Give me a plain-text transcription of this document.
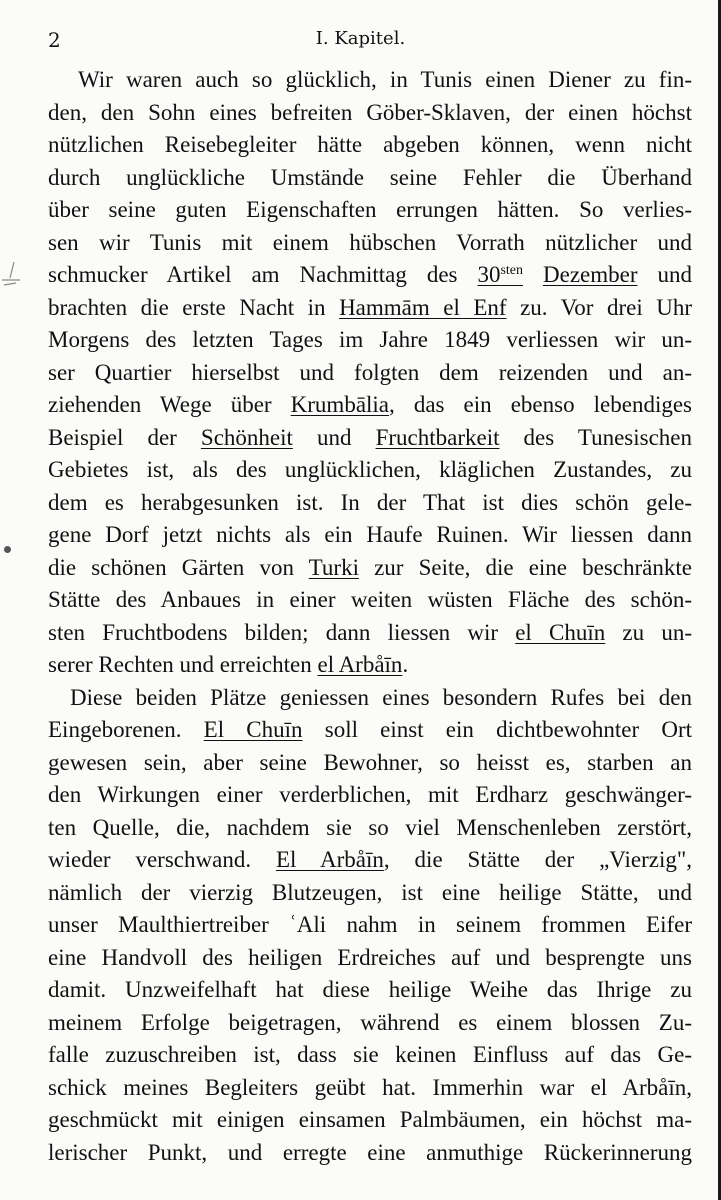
2	I. Kapitel.
Wir waren auch so glücklich, in Tunis einen Diener zu fin-
den, den Sohn eines befreiten Göber-Sklaven, der einen höchst
nützlichen Reisebegleiter hätte abgeben können, wenn nicht
durch unglückliche Umstände seine Fehler die Überhand
über seine guten Eigenschaften errungen hätten. So verlies-
sen wir Tunis mit einem hübschen Vorrath nützlicher und
schmucker Artikel am Nachmittag des $30^{sten}$ Dezember und
brachten die erste Nacht in Hammām el Enf zu. Vor drei Uhr
Morgens des letzten Tages im Jahre 1849 verliessen wir un-
ser Quartier hierselbst und folgten dem reizenden und an-
ziehenden Wege über Krumbālia, das ein ebenso lebendiges
Beispiel der Schönheit und Fruchtbarkeit des Tunesischen
Gebietes ist, als des unglücklichen, kläglichen Zustandes, zu
dem es herabgesunken ist. In der That ist dies schön gele-
gene Dorf jetzt nichts als ein Haufe Ruinen. Wir liessen dann
die schönen Gärten von Turki zur Seite, die eine beschränkte
Stätte des Anbaues in einer weiten wüsten Fläche des schön-
sten Fruchtbodens bilden; dann liessen wir el Chuīn zu un-
serer Rechten und erreichten el Arbåīn.
Diese beiden Plätze geniessen eines besondern Rufes bei den
Eingeborenen. El Chuīn soll einst ein dichtbewohnter Ort
gewesen sein, aber seine Bewohner, so heisst es, starben an
den Wirkungen einer verderblichen, mit Erdharz geschwänger-
ten Quelle, die, nachdem sie so viel Menschenleben zerstört,
wieder verschwand. El Arbåīn, die Stätte der „Vierzig",
nämlich der vierzig Blutzeugen, ist eine heilige Stätte, und
unser Maulthiertreiber ʿAli nahm in seinem frommen Eifer
eine Handvoll des heiligen Erdreiches auf und besprengte uns
damit. Unzweifelhaft hat diese heilige Weihe das Ihrige zu
meinem Erfolge beigetragen, während es einem blossen Zu-
falle zuzuschreiben ist, dass sie keinen Einfluss auf das Ge-
schick meines Begleiters geübt hat. Immerhin war el Arbåīn,
geschmückt mit einigen einsamen Palmbäumen, ein höchst ma-
lerischer Punkt, und erregte eine anmuthige Rückerinnerung
